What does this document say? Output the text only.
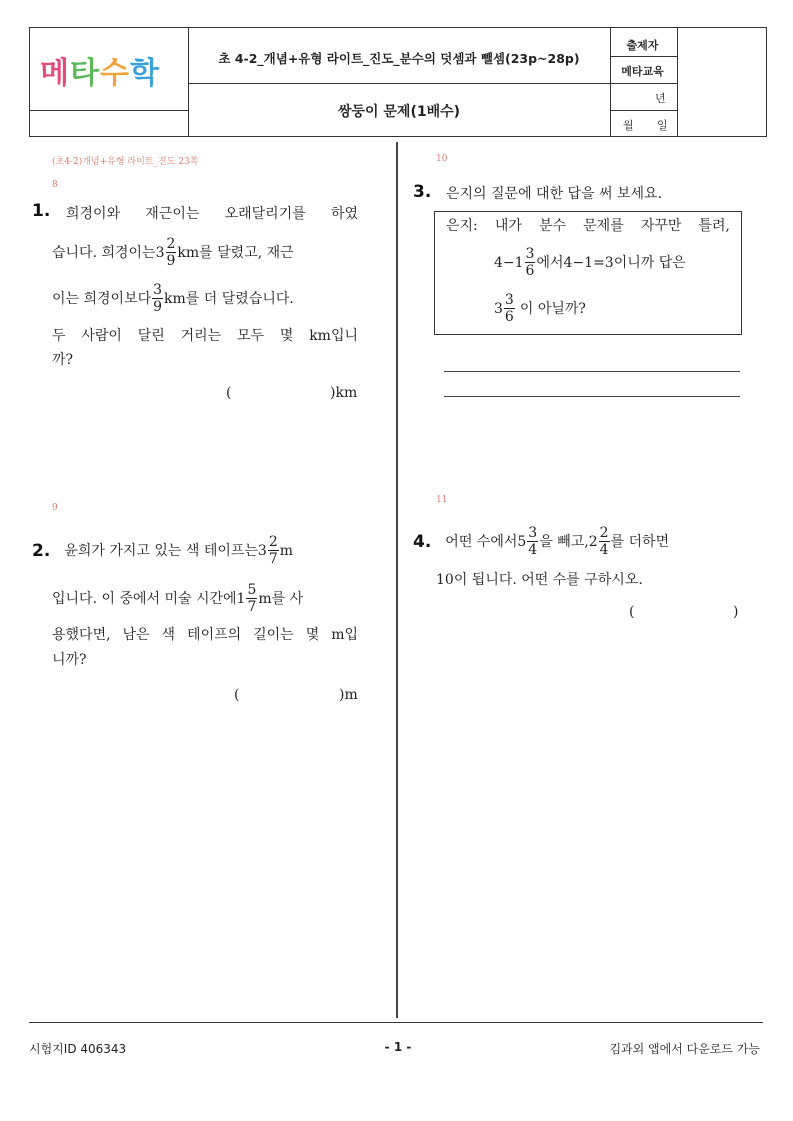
메타수학	초 4-2_개념+유형 라이트_진도_분수의 덧셈과 뺄셈(23p~28p)
쌍둥이 문제(1배수)
출제자
메타교육
년
월 일
(초4-2)개념+유형 라이트_진도 23쪽
8
1. 희경이와 재근이는 오래달리기를 하였
습니다. 희경이는 $3 \frac{2}{9}$ km를 달렸고, 재근
이는 희경이보다 $\frac{3}{9}$ km를 더 달렸습니다.
두 사람이 달린 거리는 모두 몇 km입니
까?
(	)km
9
2. 윤희가 가지고 있는 색 테이프는 $3 \frac{2}{7}$ m
입니다. 이 중에서 미술 시간에 $1 \frac{5}{7}$ m를 사
용했다면, 남은 색 테이프의 길이는 몇 m입
니까?
(	)m
10
3. 은지의 질문에 대한 답을 써 보세요.
은지: 내가 분수 문제를 자꾸만 틀려,
$4-1 \frac{3}{6}$ 에서 4−1=3 이니까 답은
$3 \frac{3}{6}$ 이 아닐까?
11
4. 어떤 수에서 $5 \frac{3}{4}$ 을 빼고, $2 \frac{2}{4}$ 를 더하면
10이 됩니다. 어떤 수를 구하시오.
(	)
시험지ID 406343	- 1 -	김과외 앱에서 다운로드 가능
